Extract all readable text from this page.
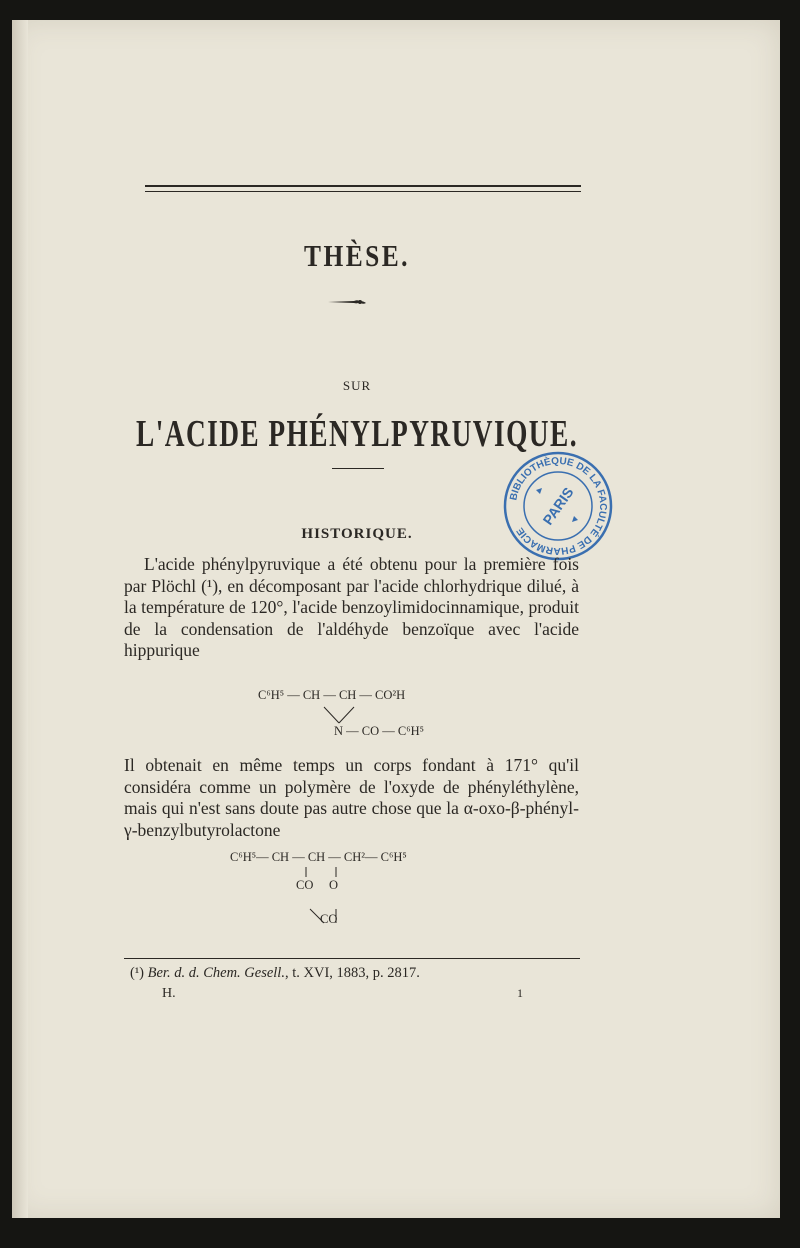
THÈSE.
SUR
L'ACIDE PHÉNYLPYRUVIQUE.
BIBLIOTHÈQUE DE LA FACULTÉ DE PHARMACIE
PARIS
HISTORIQUE.
L'acide phénylpyruvique a été obtenu pour la première fois par Plöchl (¹), en décomposant par l'acide chlorhydrique dilué, à la température de 120°, l'acide benzoylimidocinnamique, produit de la condensation de l'aldéhyde benzoïque avec l'acide hippurique
C⁶H⁵ — CH — CH — CO²H
N — CO — C⁶H⁵
Il obtenait en même temps un corps fondant à 171° qu'il considéra comme un polymère de l'oxyde de phényléthylène, mais qui n'est sans doute pas autre chose que la α-oxo-β-phényl-γ-benzylbutyrolactone
C⁶H⁵— CH — CH — CH²— C⁶H⁵
CO     O
CO
(¹) Ber. d. d. Chem. Gesell., t. XVI, 1883, p. 2817.
H.	1
